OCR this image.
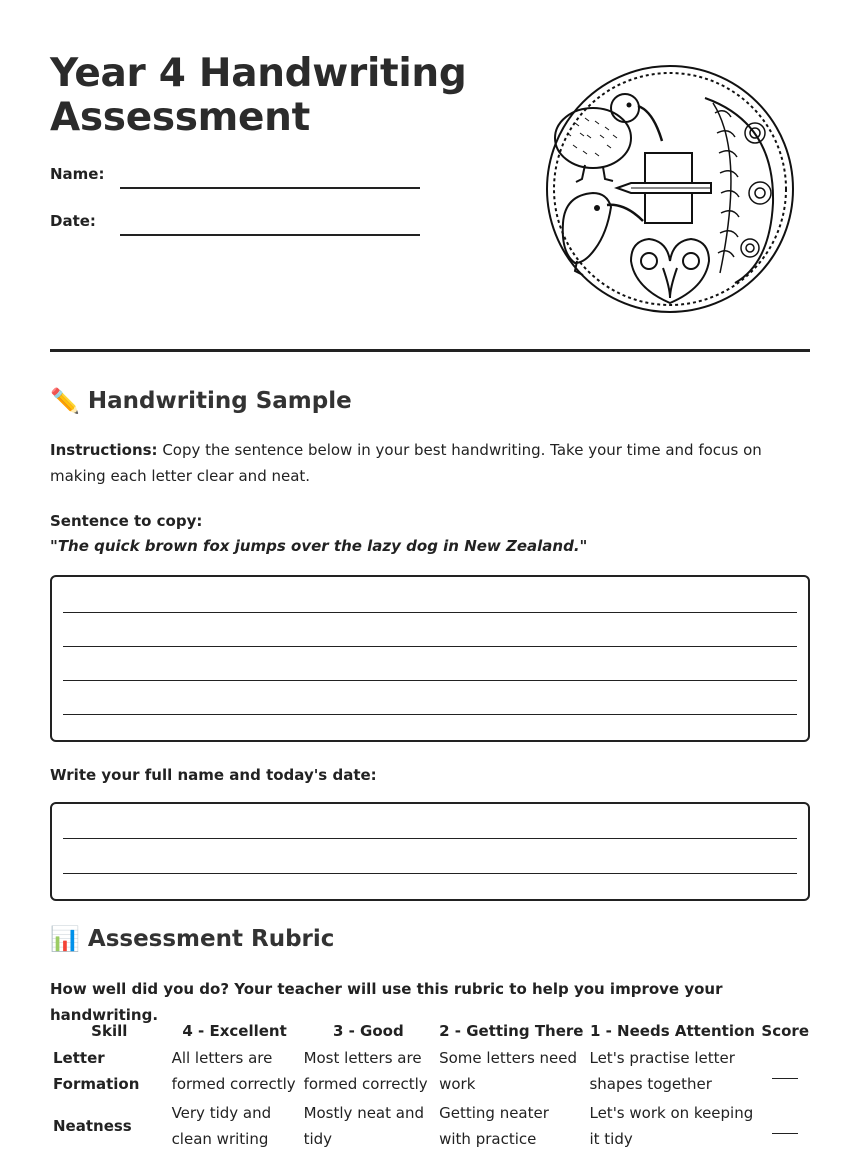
Year 4 Handwriting
Assessment
Name:
Date:
✏️ Handwriting Sample
Instructions: Copy the sentence below in your best handwriting. Take your time and focus on making each letter clear and neat.
Sentence to copy:
"The quick brown fox jumps over the lazy dog in New Zealand."
Write your full name and today's date:
📊 Assessment Rubric
How well did you do? Your teacher will use this rubric to help you improve your handwriting.
Skill	4 - Excellent	3 - Good	2 - Getting There	1 - Needs Attention	Score
Letter Formation	All letters are formed correctly	Most letters are formed correctly	Some letters need work	Let's practise letter shapes together	
Neatness	Very tidy and clean writing	Mostly neat and tidy	Getting neater with practice	Let's work on keeping it tidy	
